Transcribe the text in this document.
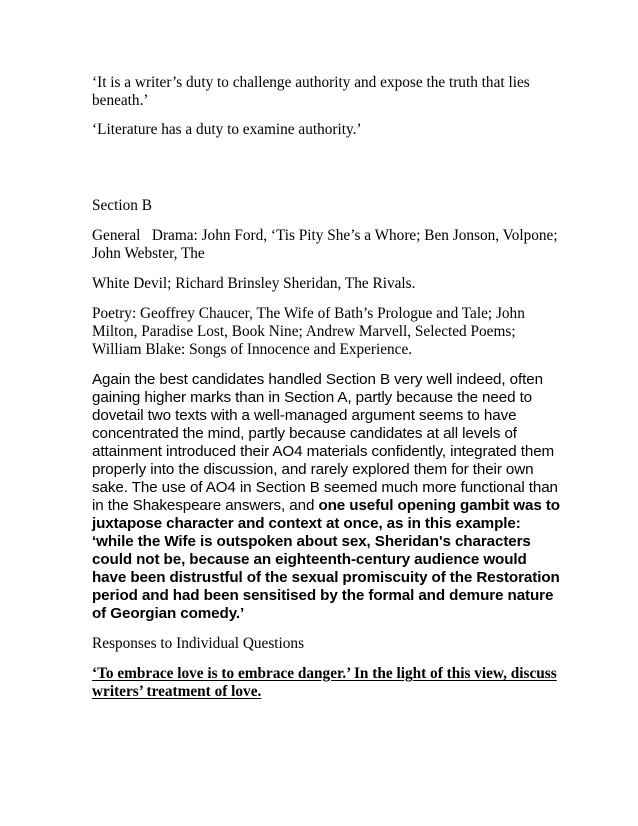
‘It is a writer’s duty to challenge authority and expose the truth that lies beneath.’

‘Literature has a duty to examine authority.’

Section B

General Drama: John Ford, ‘Tis Pity She’s a Whore; Ben Jonson, Volpone; John Webster, The

White Devil; Richard Brinsley Sheridan, The Rivals.

Poetry: Geoffrey Chaucer, The Wife of Bath’s Prologue and Tale; John Milton, Paradise Lost, Book Nine; Andrew Marvell, Selected Poems; William Blake: Songs of Innocence and Experience.

Again the best candidates handled Section B very well indeed, often gaining higher marks than in Section A, partly because the need to dovetail two texts with a well-managed argument seems to have concentrated the mind, partly because candidates at all levels of attainment introduced their AO4 materials confidently, integrated them properly into the discussion, and rarely explored them for their own sake. The use of AO4 in Section B seemed much more functional than in the Shakespeare answers, and one useful opening gambit was to juxtapose character and context at once, as in this example: ‘while the Wife is outspoken about sex, Sheridan's characters could not be, because an eighteenth-century audience would have been distrustful of the sexual promiscuity of the Restoration period and had been sensitised by the formal and demure nature of Georgian comedy.’

Responses to Individual Questions

‘To embrace love is to embrace danger.’ In the light of this view, discuss writers’ treatment of love.
